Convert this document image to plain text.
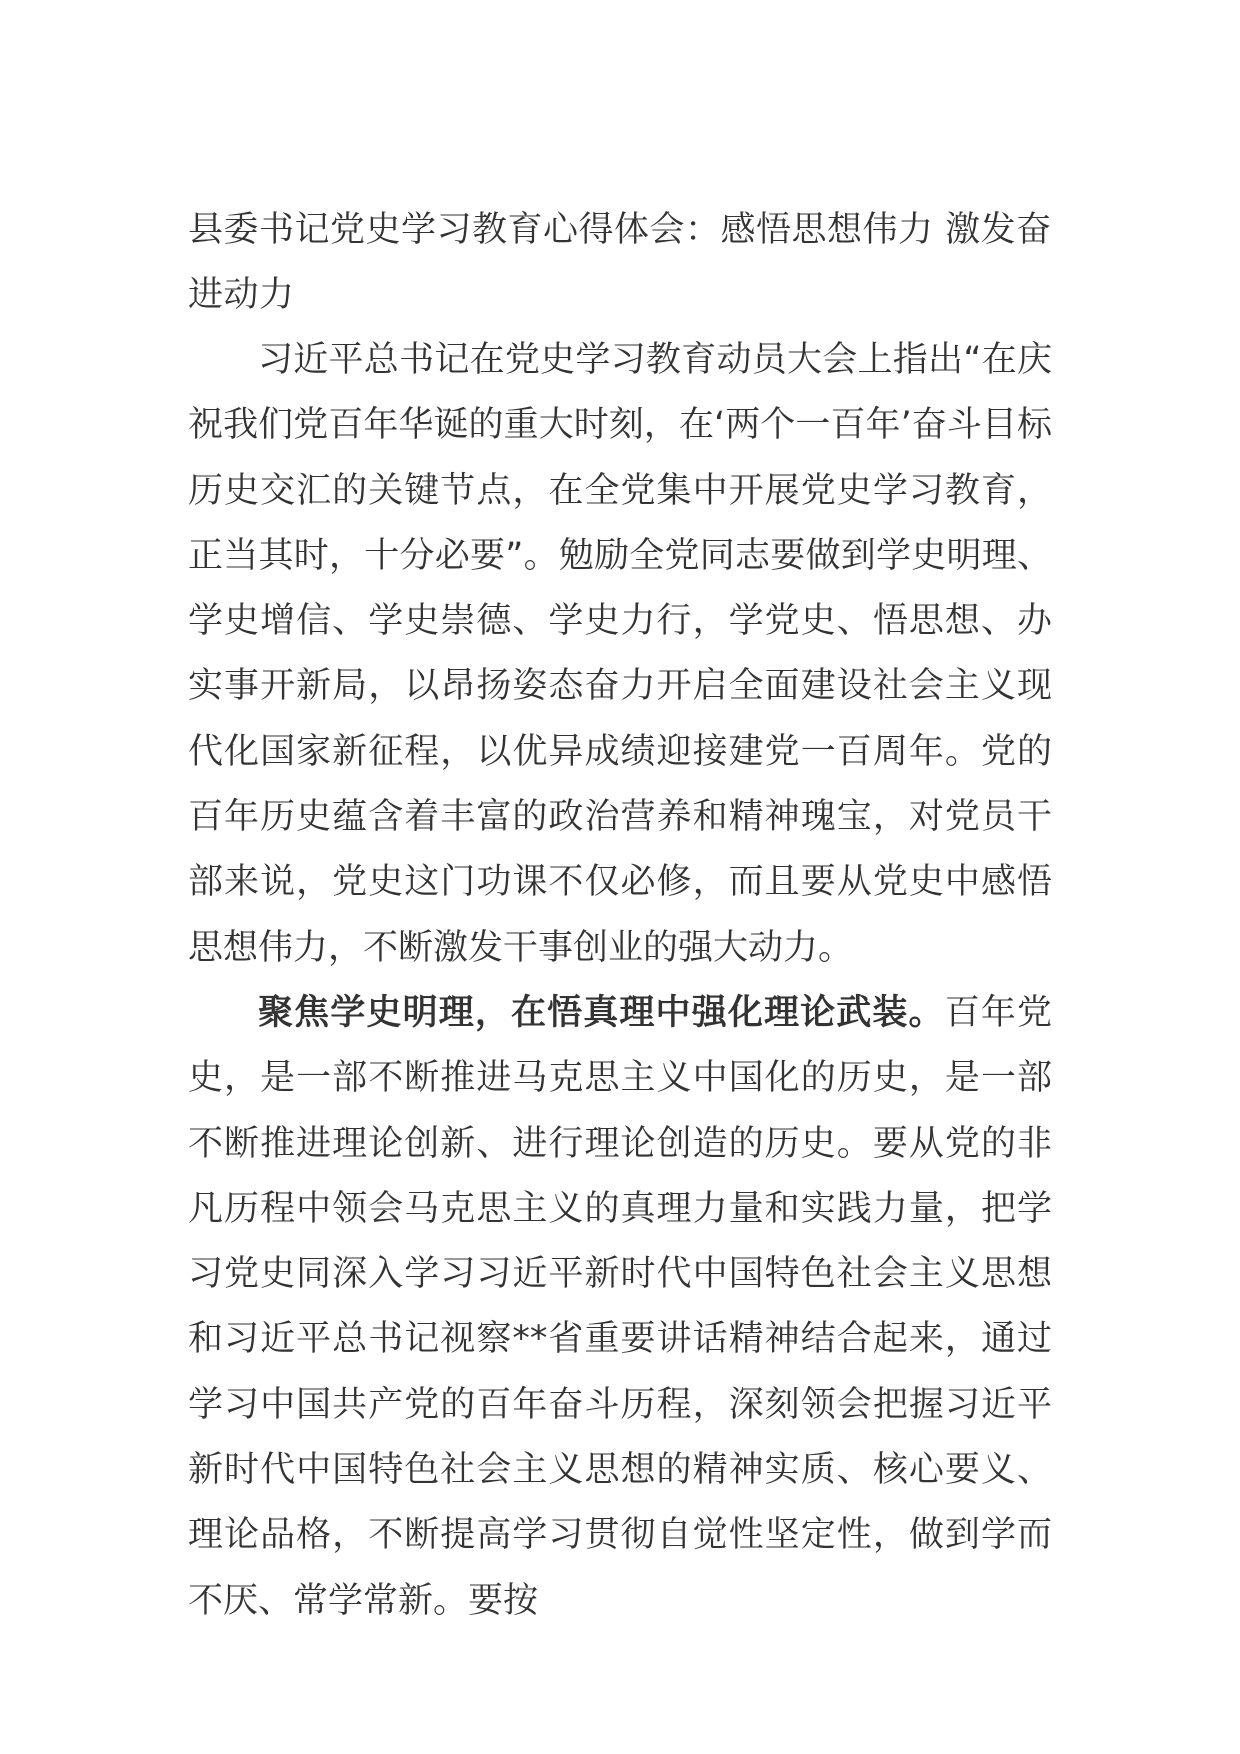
县委书记党史学习教育心得体会：感悟思想伟力 激发奋进动力

习近平总书记在党史学习教育动员大会上指出“在庆祝我们党百年华诞的重大时刻，在‘两个一百年’奋斗目标历史交汇的关键节点，在全党集中开展党史学习教育，正当其时，十分必要”。勉励全党同志要做到学史明理、学史增信、学史崇德、学史力行，学党史、悟思想、办实事开新局，以昂扬姿态奋力开启全面建设社会主义现代化国家新征程，以优异成绩迎接建党一百周年。党的百年历史蕴含着丰富的政治营养和精神瑰宝，对党员干部来说，党史这门功课不仅必修，而且要从党史中感悟思想伟力，不断激发干事创业的强大动力。

聚焦学史明理，在悟真理中强化理论武装。百年党史，是一部不断推进马克思主义中国化的历史，是一部不断推进理论创新、进行理论创造的历史。要从党的非凡历程中领会马克思主义的真理力量和实践力量，把学习党史同深入学习习近平新时代中国特色社会主义思想和习近平总书记视察**省重要讲话精神结合起来，通过学习中国共产党的百年奋斗历程，深刻领会把握习近平新时代中国特色社会主义思想的精神实质、核心要义、理论品格，不断提高学习贯彻自觉性坚定性，做到学而不厌、常学常新。要按
